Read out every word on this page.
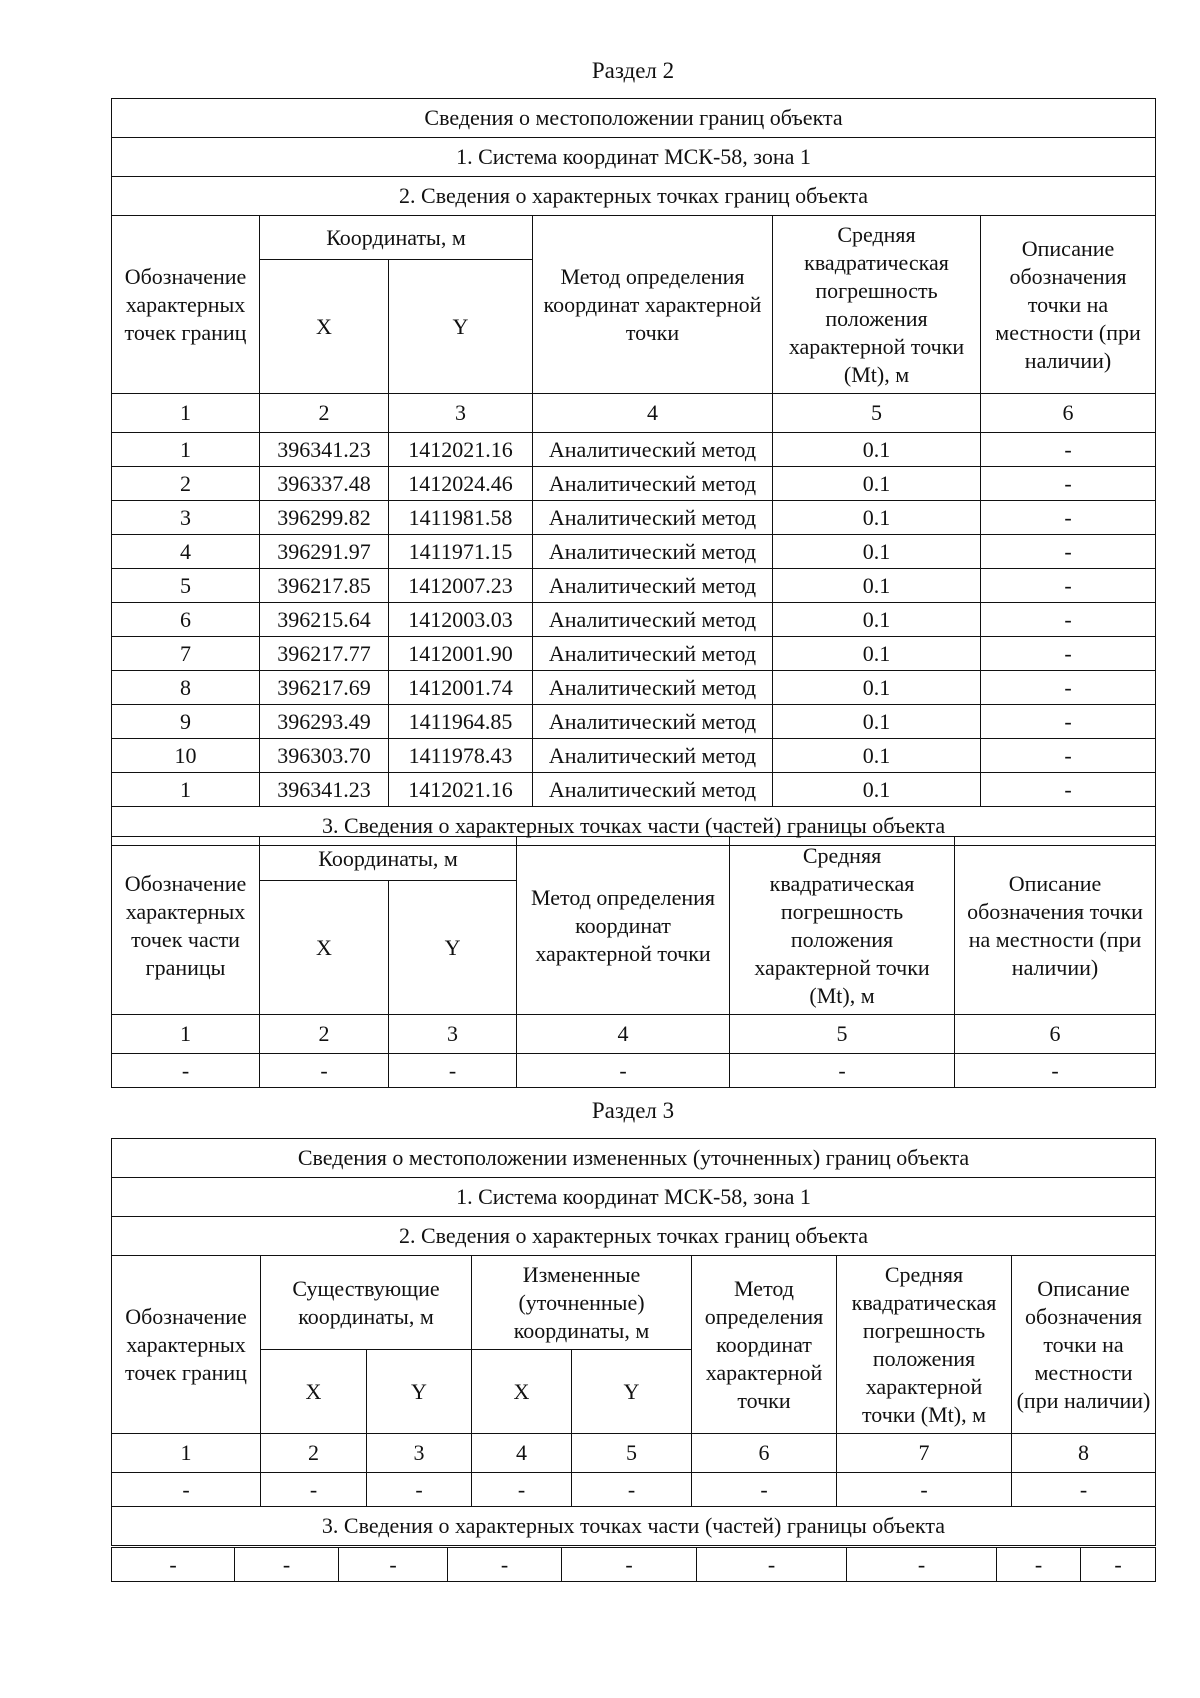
Раздел 2
Сведения о местоположении границ объекта					
1. Система координат МСК-58, зона 1					
2. Сведения о характерных точках границ объекта					
Обозначение характерных точек границ	Координаты, м		Метод определения координат характерной точки	Средняя квадратическая погрешность положения характерной точки (Mt), м	Описание обозначения точки на местности (при наличии)
	X	Y			
1	2	3	4	5	6
1	396341.23	1412021.16	Аналитический метод	0.1	-
2	396337.48	1412024.46	Аналитический метод	0.1	-
3	396299.82	1411981.58	Аналитический метод	0.1	-
4	396291.97	1411971.15	Аналитический метод	0.1	-
5	396217.85	1412007.23	Аналитический метод	0.1	-
6	396215.64	1412003.03	Аналитический метод	0.1	-
7	396217.77	1412001.90	Аналитический метод	0.1	-
8	396217.69	1412001.74	Аналитический метод	0.1	-
9	396293.49	1411964.85	Аналитический метод	0.1	-
10	396303.70	1411978.43	Аналитический метод	0.1	-
1	396341.23	1412021.16	Аналитический метод	0.1	-
3. Сведения о характерных точках части (частей) границы объекта					
Обозначение характерных точек части границы	Координаты, м		Метод определения координат характерной точки	Средняя квадратическая погрешность положения характерной точки (Mt), м	Описание обозначения точки на местности (при наличии)
	X	Y			
1	2	3	4	5	6
-	-	-	-	-	-
Раздел 3
Сведения о местоположении измененных (уточненных) границ объекта							
1. Система координат МСК-58, зона 1							
2. Сведения о характерных точках границ объекта							
Обозначение характерных точек границ	Существующие координаты, м		Измененные (уточненные) координаты, м		Метод определения координат характерной точки	Средняя квадратическая погрешность положения характерной точки (Mt), м	Описание обозначения точки на местности (при наличии)
	X	Y	X	Y			
1	2	3	4	5	6	7	8
-	-	-	-	-	-	-	-
3. Сведения о характерных точках части (частей) границы объекта							
-	-	-	-	-	-	-	-	-
